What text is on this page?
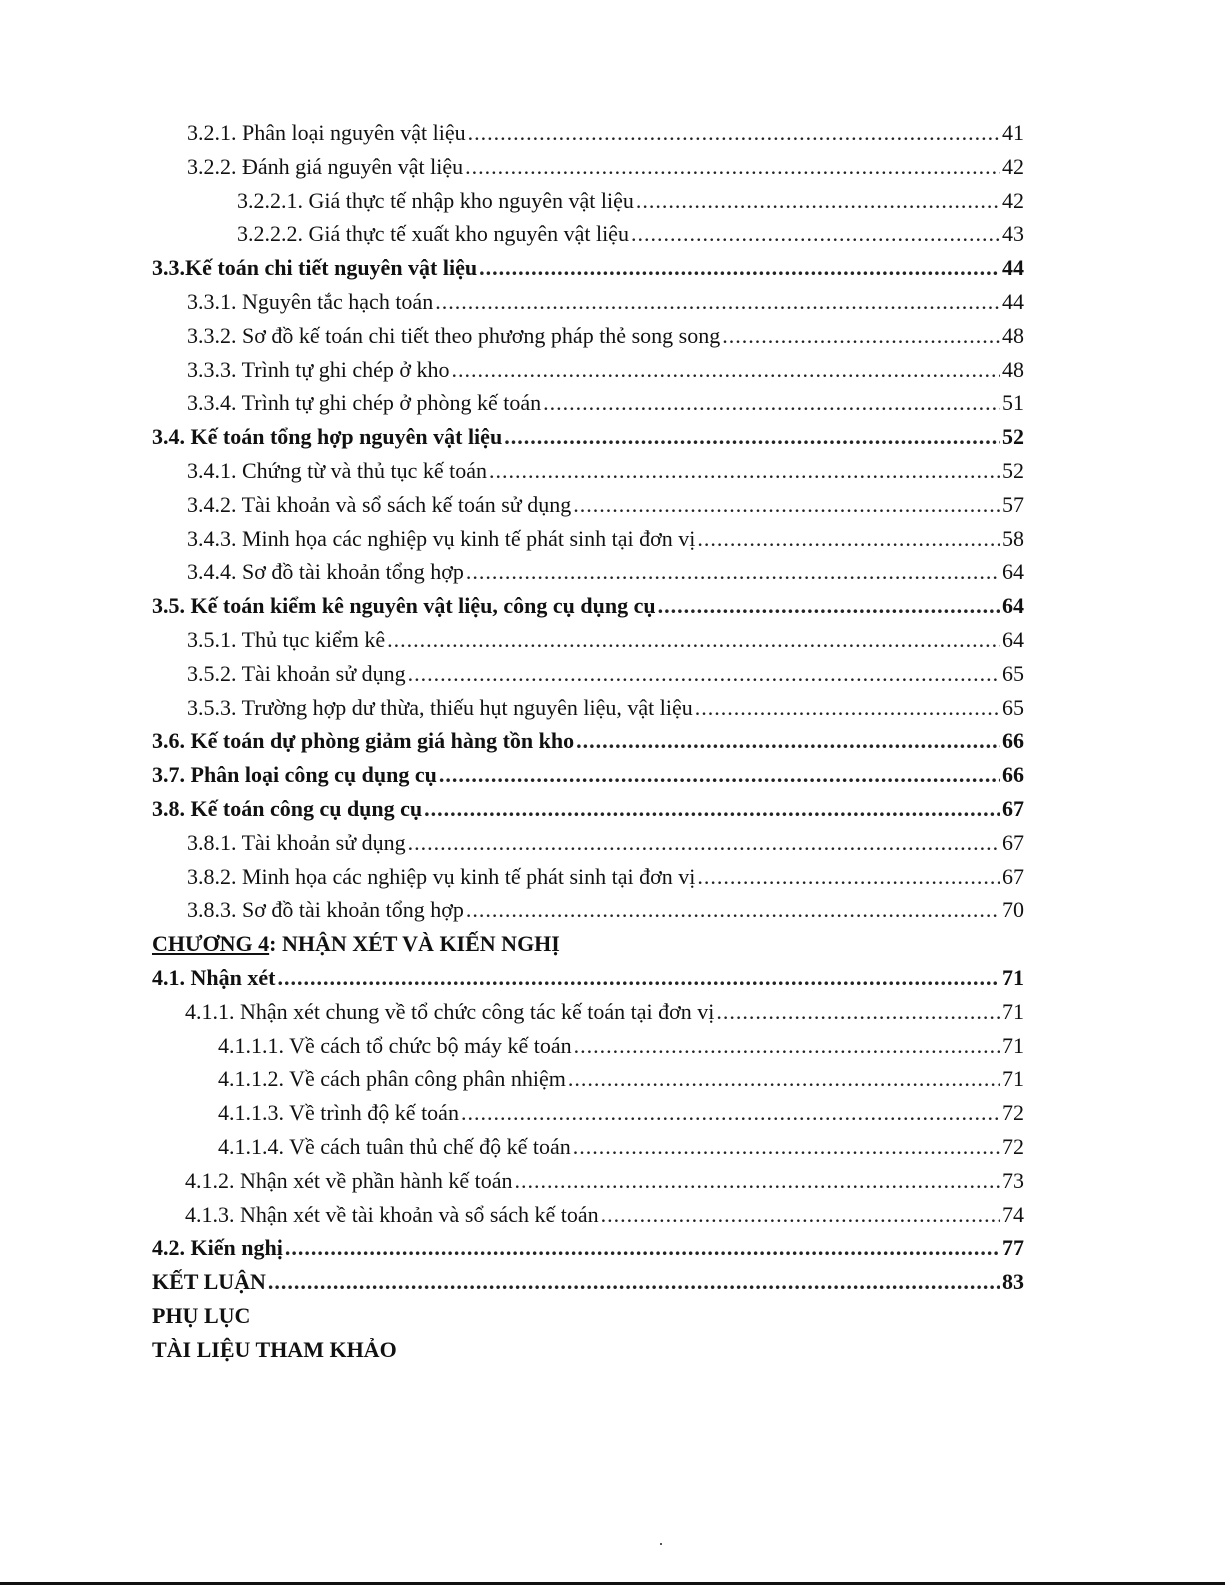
3.2.1. Phân loại nguyên vật liệu .....	41
3.2.2. Đánh giá nguyên vật liệu .....	42
3.2.2.1. Giá thực tế nhập kho nguyên vật liệu .....	42
3.2.2.2. Giá thực tế xuất kho nguyên vật liệu .....	43
3.3.Kế toán chi tiết nguyên vật liệu .....	44
3.3.1. Nguyên tắc hạch toán .....	44
3.3.2. Sơ đồ kế toán chi tiết theo phương pháp thẻ song song .....	48
3.3.3. Trình tự ghi chép ở kho .....	48
3.3.4. Trình tự ghi chép ở phòng kế toán .....	51
3.4. Kế toán tổng hợp nguyên vật liệu .....	52
3.4.1. Chứng từ và thủ tục kế toán .....	52
3.4.2. Tài khoản và sổ sách kế toán sử dụng .....	57
3.4.3. Minh họa các nghiệp vụ kinh tế phát sinh tại đơn vị .....	58
3.4.4. Sơ đồ tài khoản tổng hợp .....	64
3.5. Kế toán kiểm kê nguyên vật liệu, công cụ dụng cụ .....	64
3.5.1. Thủ tục kiểm kê .....	64
3.5.2. Tài khoản sử dụng .....	65
3.5.3. Trường hợp dư thừa, thiếu hụt nguyên liệu, vật liệu .....	65
3.6. Kế toán dự phòng giảm giá hàng tồn kho .....	66
3.7. Phân loại công cụ dụng cụ .....	66
3.8. Kế toán công cụ dụng cụ .....	67
3.8.1. Tài khoản sử dụng .....	67
3.8.2. Minh họa các nghiệp vụ kinh tế phát sinh tại đơn vị .....	67
3.8.3. Sơ đồ tài khoản tổng hợp .....	70
CHƯƠNG 4 : NHẬN XÉT VÀ KIẾN NGHỊ
4.1. Nhận xét .....	71
4.1.1. Nhận xét chung về tổ chức công tác kế toán tại đơn vị .....	71
4.1.1.1. Về cách tổ chức bộ máy kế toán .....	71
4.1.1.2. Về cách phân công phân nhiệm .....	71
4.1.1.3. Về trình độ kế toán .....	72
4.1.1.4. Về cách tuân thủ chế độ kế toán .....	72
4.1.2. Nhận xét về phần hành kế toán .....	73
4.1.3. Nhận xét về tài khoản và sổ sách kế toán .....	74
4.2. Kiến nghị .....	77
KẾT LUẬN .....	83
PHỤ LỤC
TÀI LIỆU THAM KHẢO
